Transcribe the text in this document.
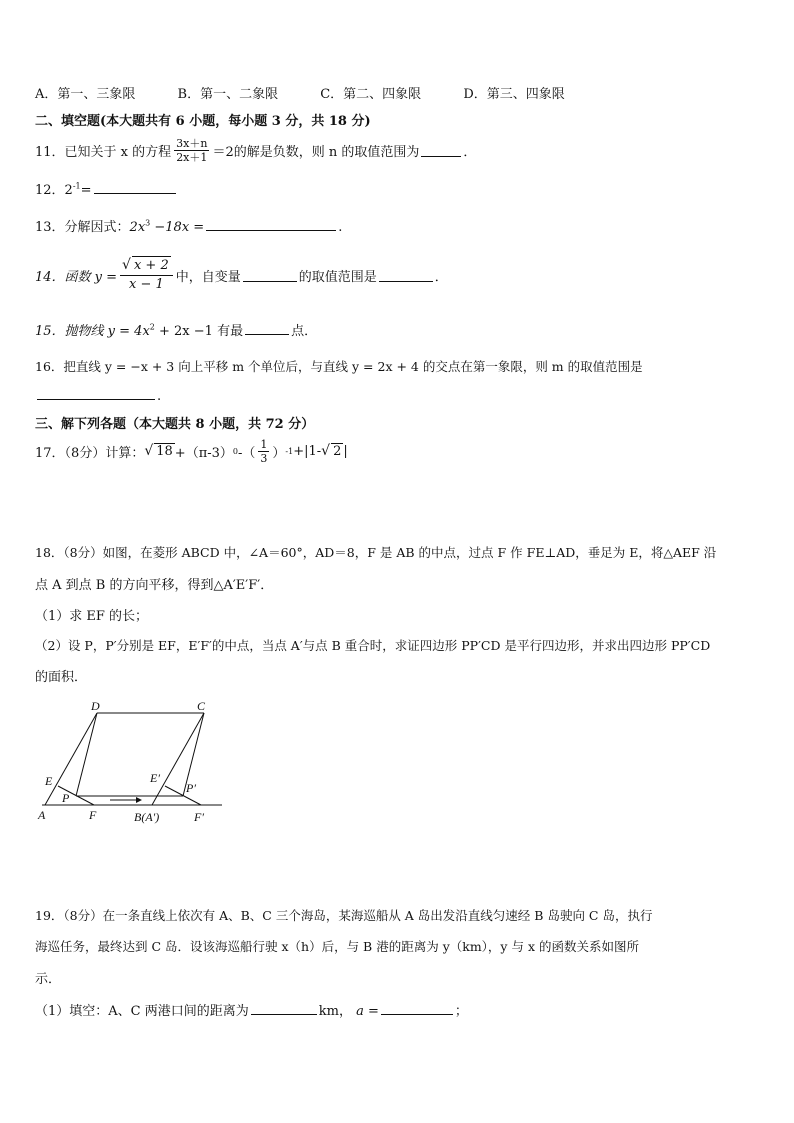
A．第一、三象限	B．第一、二象限	C．第二、四象限	D．第三、四象限
二、填空题(本大题共有 6 小题，每小题 3 分，共 18 分)
11．已知关于 x 的方程 $\frac{3x+n}{2x+1} =2$ 的解是负数，则 n 的取值范围为	．
12．$2^{-1}=$
13．分解因式：$2x^3 -18x$ =	.
14．函数 $y = \frac{√ x + 2}{x - 1}$ 中，自变量	的取值范围是	．
15．抛物线 $y = 4x^2 + 2x -1$ 有最	点．
16．把直线 y = −x + 3 向上平移 m 个单位后，与直线 y = 2x + 4 的交点在第一象限，则 m 的取值范围是
.
三、解下列各题（本大题共 8 小题，共 72 分）
17．（8分）计算： √ 18 +（π-3） 0 -（ $\frac{1}{3}$ ） -1 +|1- √ 2 |
18．（8分）如图，在菱形 ABCD 中，∠A＝60°，AD＝8，F 是 AB 的中点，过点 F 作 FE⊥AD，垂足为 E，将△AEF 沿
点 A 到点 B 的方向平移，得到△A′E′F′．
（1）求 EF 的长；
（2）设 P，P′分别是 EF，E′F′的中点，当点 A′与点 B 重合时，求证四边形 PP′CD 是平行四边形，并求出四边形 PP′CD
的面积．
D	C
E	E′
P
P′
A	F	B(A′)	F′
19．（8分）在一条直线上依次有 A、B、C 三个海岛，某海巡船从 A 岛出发沿直线匀速经 B 岛驶向 C 岛，执行
海巡任务，最终达到 C 岛．设该海巡船行驶 x（h）后，与 B 港的距离为 y（km），y 与 x 的函数关系如图所
示．
（1）填空：A、C 两港口间的距离为	km， a =	；
